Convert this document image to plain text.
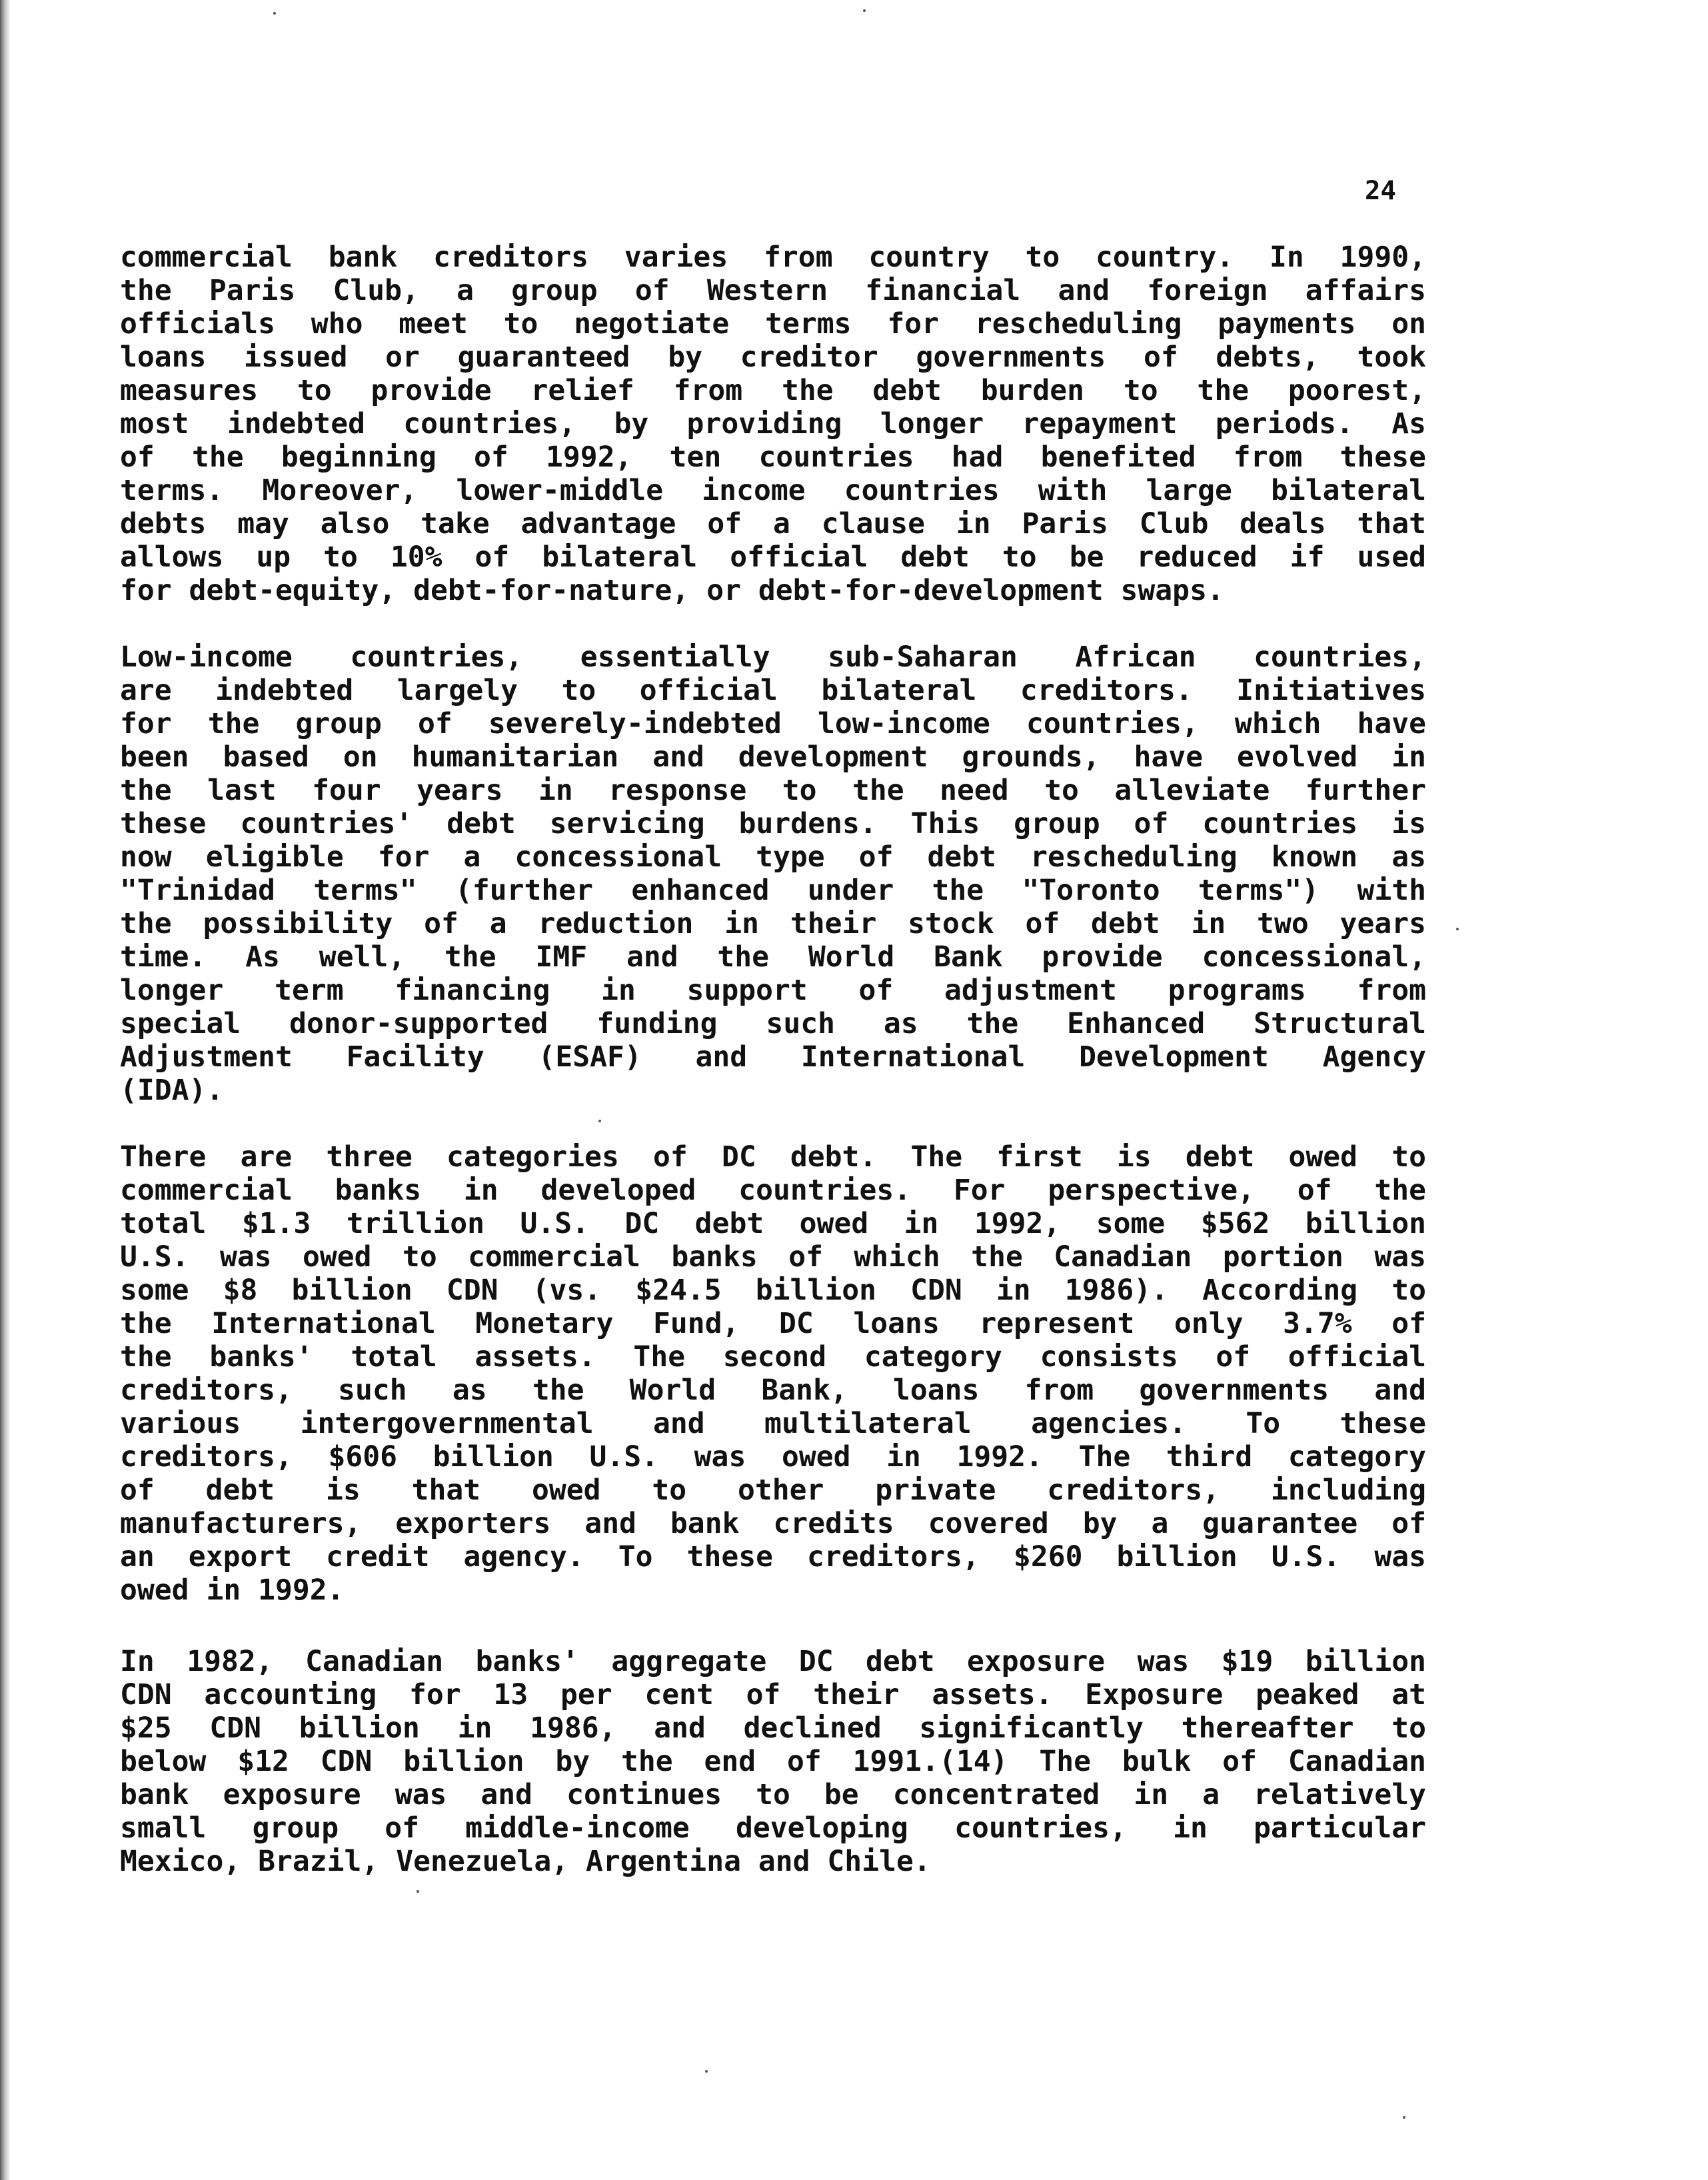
24
commercial bank creditors varies from country to country. In 1990,
the Paris Club, a group of Western financial and foreign affairs
officials who meet to negotiate terms for rescheduling payments on
loans issued or guaranteed by creditor governments of debts, took
measures to provide relief from the debt burden to the poorest,
most indebted countries, by providing longer repayment periods. As
of the beginning of 1992, ten countries had benefited from these
terms. Moreover, lower-middle income countries with large bilateral
debts may also take advantage of a clause in Paris Club deals that
allows up to 10% of bilateral official debt to be reduced if used
for debt-equity, debt-for-nature, or debt-for-development swaps.
Low-income countries, essentially sub-Saharan African countries,
are indebted largely to official bilateral creditors. Initiatives
for the group of severely-indebted low-income countries, which have
been based on humanitarian and development grounds, have evolved in
the last four years in response to the need to alleviate further
these countries' debt servicing burdens. This group of countries is
now eligible for a concessional type of debt rescheduling known as
"Trinidad terms" (further enhanced under the "Toronto terms") with
the possibility of a reduction in their stock of debt in two years
time. As well, the IMF and the World Bank provide concessional,
longer term financing in support of adjustment programs from
special donor-supported funding such as the Enhanced Structural
Adjustment Facility (ESAF) and International Development Agency
(IDA).
There are three categories of DC debt. The first is debt owed to
commercial banks in developed countries. For perspective, of the
total $1.3 trillion U.S. DC debt owed in 1992, some $562 billion
U.S. was owed to commercial banks of which the Canadian portion was
some $8 billion CDN (vs. $24.5 billion CDN in 1986). According to
the International Monetary Fund, DC loans represent only 3.7% of
the banks' total assets. The second category consists of official
creditors, such as the World Bank, loans from governments and
various intergovernmental and multilateral agencies. To these
creditors, $606 billion U.S. was owed in 1992. The third category
of debt is that owed to other private creditors, including
manufacturers, exporters and bank credits covered by a guarantee of
an export credit agency. To these creditors, $260 billion U.S. was
owed in 1992.
In 1982, Canadian banks' aggregate DC debt exposure was $19 billion
CDN accounting for 13 per cent of their assets. Exposure peaked at
$25 CDN billion in 1986, and declined significantly thereafter to
below $12 CDN billion by the end of 1991.(14) The bulk of Canadian
bank exposure was and continues to be concentrated in a relatively
small group of middle-income developing countries, in particular
Mexico, Brazil, Venezuela, Argentina and Chile.
